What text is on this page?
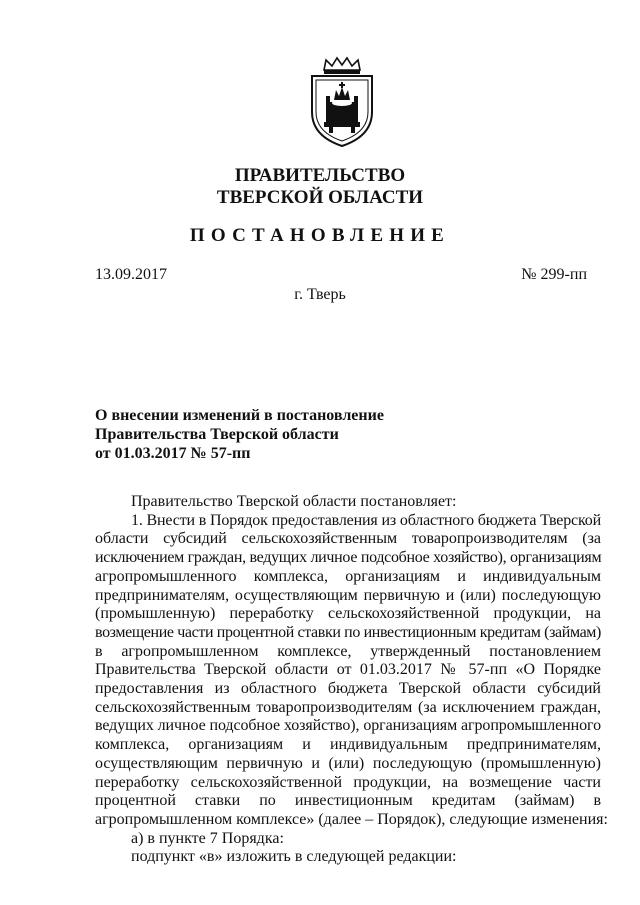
ПРАВИТЕЛЬСТВО
ТВЕРСКОЙ ОБЛАСТИ
ПОСТАНОВЛЕНИЕ
13.09.2017	№ 299-пп
г. Тверь
О внесении изменений в постановление
Правительства Тверской области
от 01.03.2017 № 57-пп
Правительство Тверской области постановляет:
1. Внести в Порядок предоставления из областного бюджета Тверской
области субсидий сельскохозяйственным товаропроизводителям (за
исключением граждан, ведущих личное подсобное хозяйство), организациям
агропромышленного комплекса, организациям и индивидуальным
предпринимателям, осуществляющим первичную и (или) последующую
(промышленную) переработку сельскохозяйственной продукции, на
возмещение части процентной ставки по инвестиционным кредитам (займам)
в агропромышленном комплексе, утвержденный постановлением
Правительства Тверской области от 01.03.2017 № 57-пп «О Порядке
предоставления из областного бюджета Тверской области субсидий
сельскохозяйственным товаропроизводителям (за исключением граждан,
ведущих личное подсобное хозяйство), организациям агропромышленного
комплекса, организациям и индивидуальным предпринимателям,
осуществляющим первичную и (или) последующую (промышленную)
переработку сельскохозяйственной продукции, на возмещение части
процентной ставки по инвестиционным кредитам (займам) в
агропромышленном комплексе» (далее – Порядок), следующие изменения:
а) в пункте 7 Порядка:
подпункт «в» изложить в следующей редакции:
